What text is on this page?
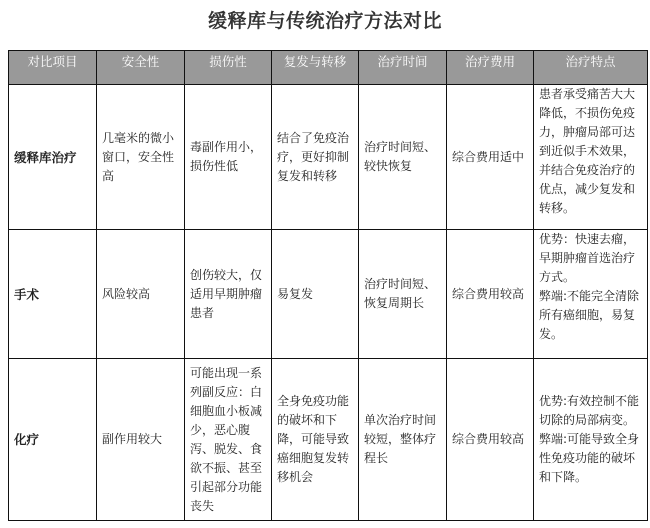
缓释库与传统治疗方法对比
对比项目	安全性	损伤性	复发与转移	治疗时间	治疗费用	治疗特点
缓释库治疗	几毫米的微小窗口，安全性高	毒副作用小，损伤性低	结合了免疫治疗，更好抑制复发和转移	治疗时间短、较快恢复	综合费用适中	患者承受痛苦大大降低，不损伤免疫力，肿瘤局部可达到近似手术效果，并结合免疫治疗的优点，减少复发和转移。
手术	风险较高	创伤较大，仅适用早期肿瘤患者	易复发	治疗时间短、恢复周期长	综合费用较高	优势：快速去瘤，早期肿瘤首选治疗方式。
弊端:不能完全清除所有癌细胞，易复发。

化疗	副作用较大	可能出现一系列副反应：白细胞血小板减少，恶心腹泻、脱发、食欲不振、甚至引起部分功能丧失	全身免疫功能的破坏和下降，可能导致癌细胞复发转移机会	单次治疗时间较短，整体疗程长	综合费用较高	优势:有效控制不能切除的局部病变。
弊端:可能导致全身性免疫功能的破坏和下降。
